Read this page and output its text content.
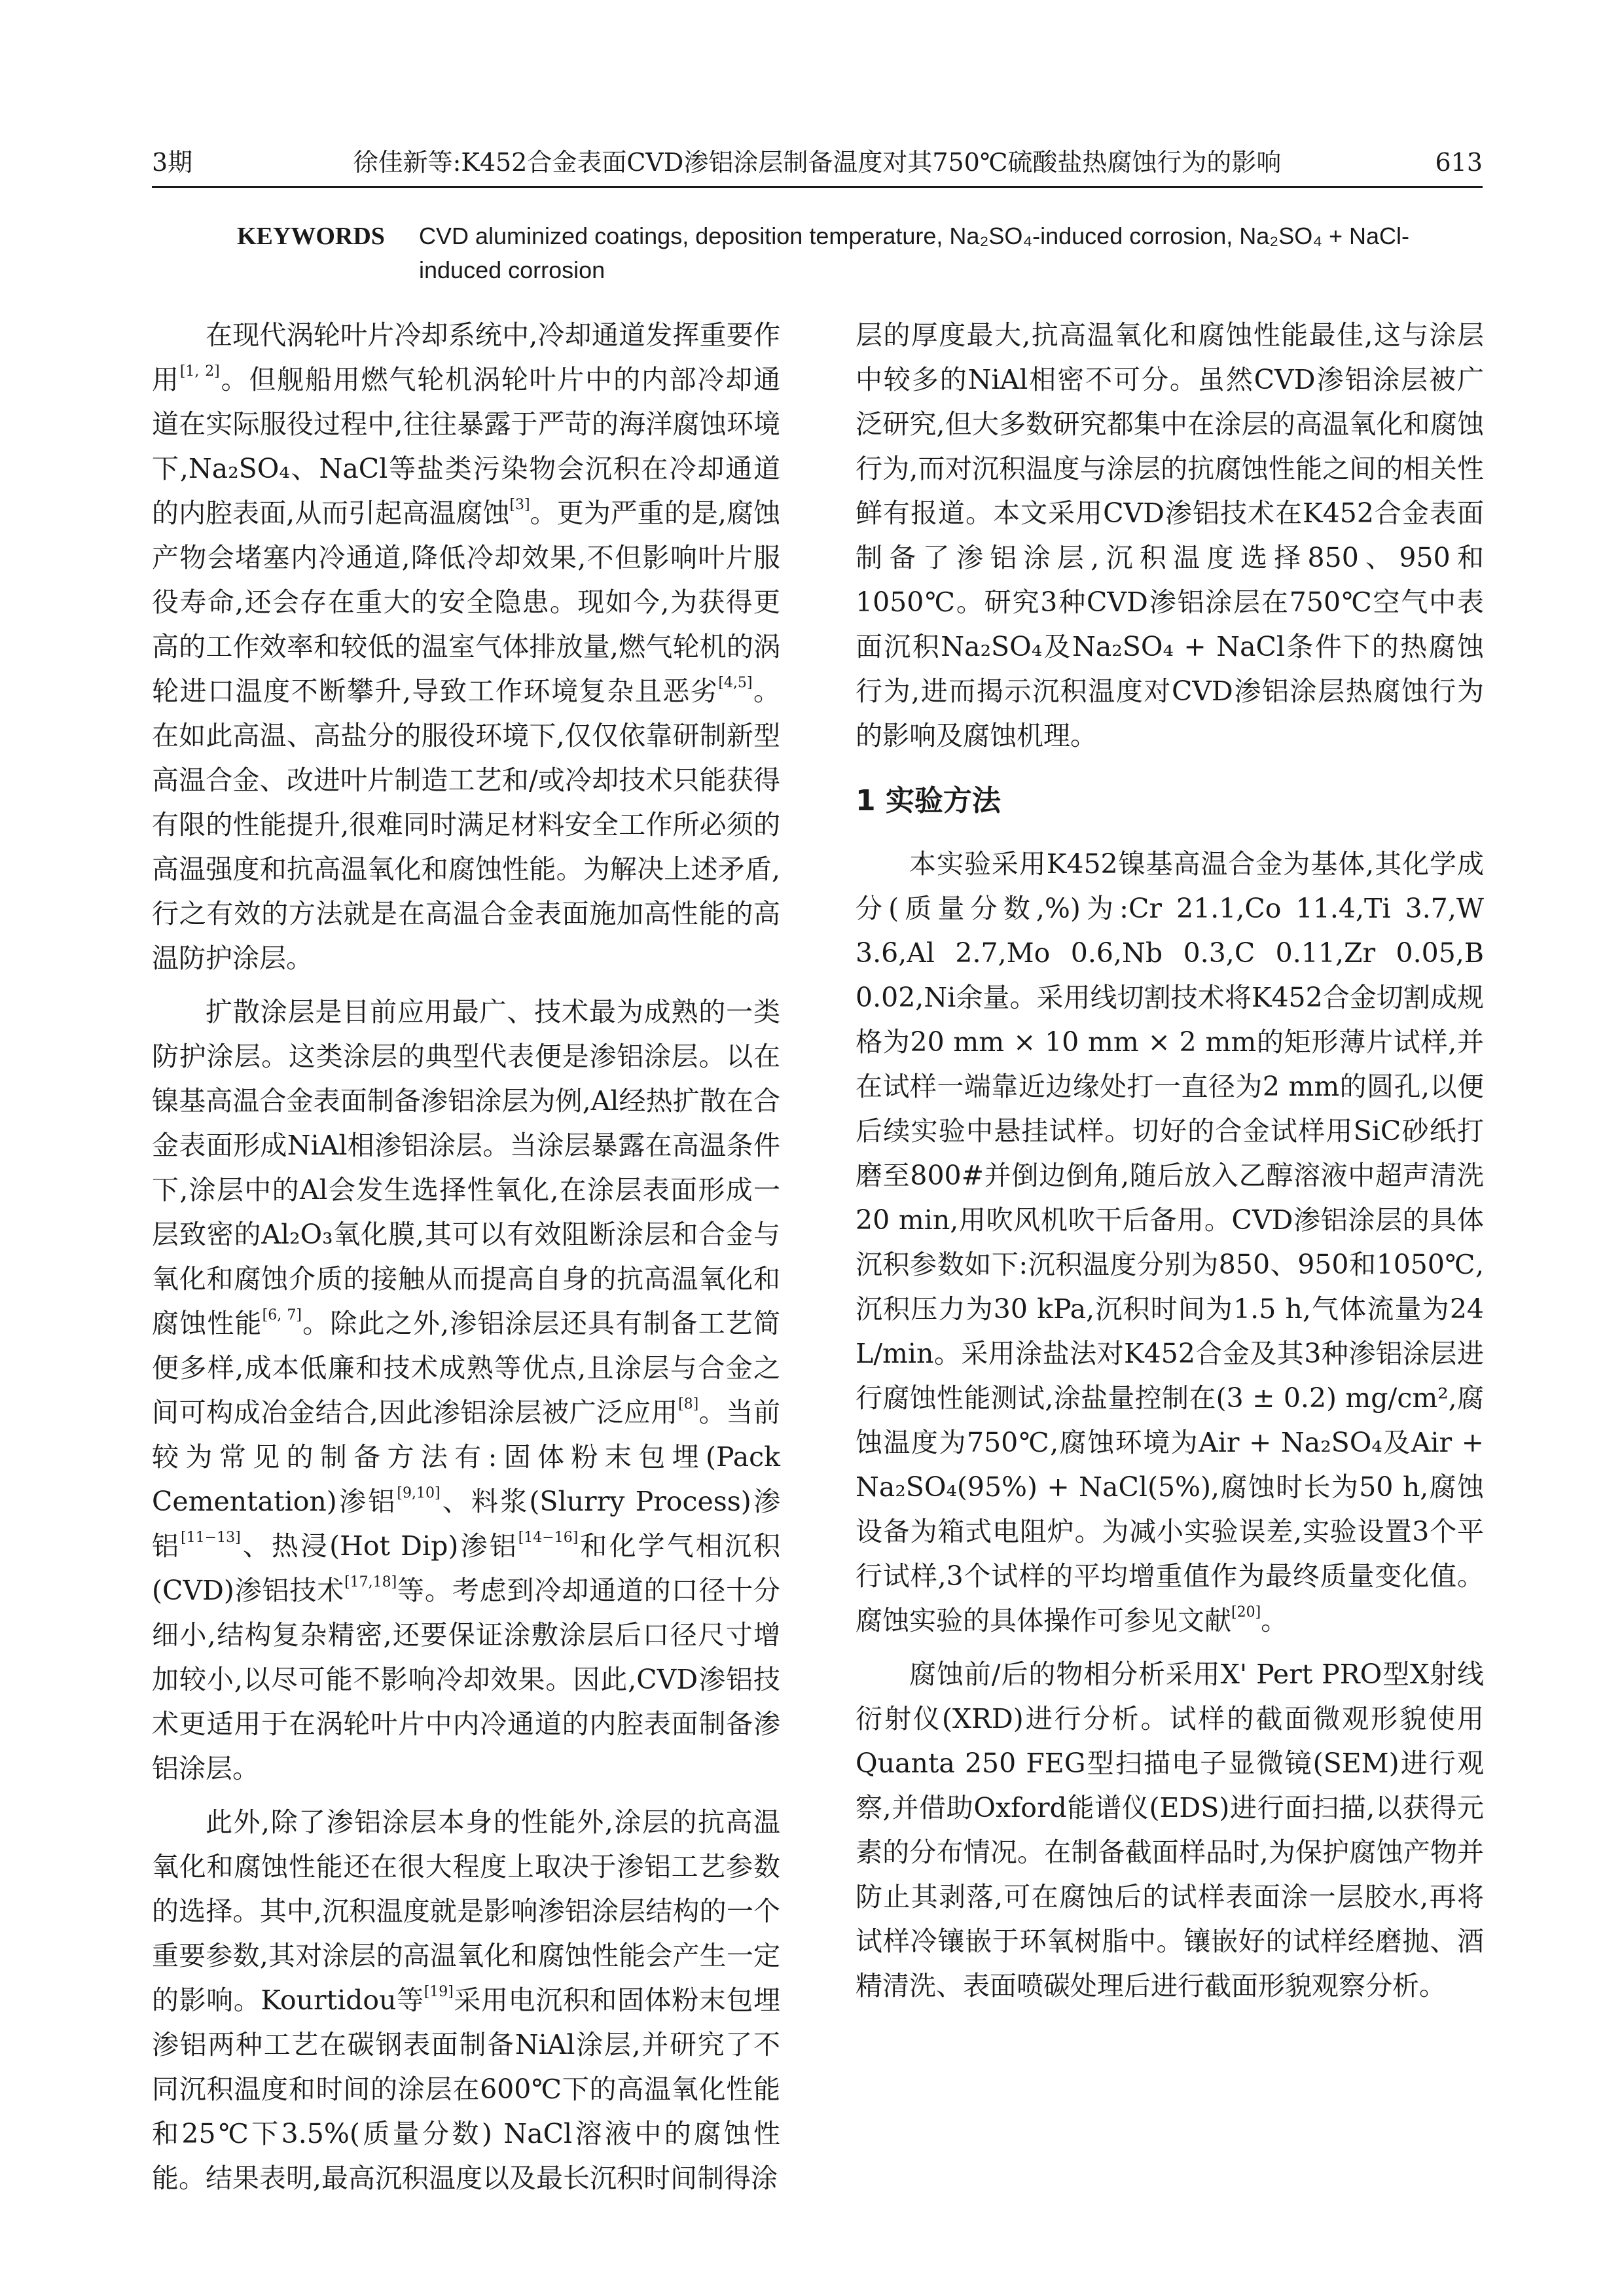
3期	徐佳新等:K452合金表面CVD渗铝涂层制备温度对其750℃硫酸盐热腐蚀行为的影响	613
KEYWORDS CVD aluminized coatings, deposition temperature, Na₂SO₄-induced corrosion, Na₂SO₄ + NaCl-induced corrosion

在现代涡轮叶片冷却系统中,冷却通道发挥重要作用[1, 2]。但舰船用燃气轮机涡轮叶片中的内部冷却通道在实际服役过程中,往往暴露于严苛的海洋腐蚀环境下,Na₂SO₄、NaCl等盐类污染物会沉积在冷却通道的内腔表面,从而引起高温腐蚀[3]。更为严重的是,腐蚀产物会堵塞内冷通道,降低冷却效果,不但影响叶片服役寿命,还会存在重大的安全隐患。现如今,为获得更高的工作效率和较低的温室气体排放量,燃气轮机的涡轮进口温度不断攀升,导致工作环境复杂且恶劣[4,5]。在如此高温、高盐分的服役环境下,仅仅依靠研制新型高温合金、改进叶片制造工艺和/或冷却技术只能获得有限的性能提升,很难同时满足材料安全工作所必须的高温强度和抗高温氧化和腐蚀性能。为解决上述矛盾,行之有效的方法就是在高温合金表面施加高性能的高温防护涂层。

扩散涂层是目前应用最广、技术最为成熟的一类防护涂层。这类涂层的典型代表便是渗铝涂层。以在镍基高温合金表面制备渗铝涂层为例,Al经热扩散在合金表面形成NiAl相渗铝涂层。当涂层暴露在高温条件下,涂层中的Al会发生选择性氧化,在涂层表面形成一层致密的Al₂O₃氧化膜,其可以有效阻断涂层和合金与氧化和腐蚀介质的接触从而提高自身的抗高温氧化和腐蚀性能[6, 7]。除此之外,渗铝涂层还具有制备工艺简便多样,成本低廉和技术成熟等优点,且涂层与合金之间可构成冶金结合,因此渗铝涂层被广泛应用[8]。当前较为常见的制备方法有:固体粉末包埋(Pack Cementation)渗铝[9,10]、料浆(Slurry Process)渗铝[11−13]、热浸(Hot Dip)渗铝[14−16]和化学气相沉积(CVD)渗铝技术[17,18]等。考虑到冷却通道的口径十分细小,结构复杂精密,还要保证涂敷涂层后口径尺寸增加较小,以尽可能不影响冷却效果。因此,CVD渗铝技术更适用于在涡轮叶片中内冷通道的内腔表面制备渗铝涂层。

此外,除了渗铝涂层本身的性能外,涂层的抗高温氧化和腐蚀性能还在很大程度上取决于渗铝工艺参数的选择。其中,沉积温度就是影响渗铝涂层结构的一个重要参数,其对涂层的高温氧化和腐蚀性能会产生一定的影响。Kourtidou等[19]采用电沉积和固体粉末包埋渗铝两种工艺在碳钢表面制备NiAl涂层,并研究了不同沉积温度和时间的涂层在600℃下的高温氧化性能和25℃下3.5%(质量分数) NaCl溶液中的腐蚀性能。结果表明,最高沉积温度以及最长沉积时间制得涂

层的厚度最大,抗高温氧化和腐蚀性能最佳,这与涂层中较多的NiAl相密不可分。虽然CVD渗铝涂层被广泛研究,但大多数研究都集中在涂层的高温氧化和腐蚀行为,而对沉积温度与涂层的抗腐蚀性能之间的相关性鲜有报道。本文采用CVD渗铝技术在K452合金表面制备了渗铝涂层,沉积温度选择850、950和1050℃。研究3种CVD渗铝涂层在750℃空气中表面沉积Na₂SO₄及Na₂SO₄ + NaCl条件下的热腐蚀行为,进而揭示沉积温度对CVD渗铝涂层热腐蚀行为的影响及腐蚀机理。

1 实验方法

本实验采用K452镍基高温合金为基体,其化学成分(质量分数,%)为:Cr 21.1,Co 11.4,Ti 3.7,W 3.6,Al 2.7,Mo 0.6,Nb 0.3,C 0.11,Zr 0.05,B 0.02,Ni余量。采用线切割技术将K452合金切割成规格为20 mm × 10 mm × 2 mm的矩形薄片试样,并在试样一端靠近边缘处打一直径为2 mm的圆孔,以便后续实验中悬挂试样。切好的合金试样用SiC砂纸打磨至800#并倒边倒角,随后放入乙醇溶液中超声清洗20 min,用吹风机吹干后备用。CVD渗铝涂层的具体沉积参数如下:沉积温度分别为850、950和1050℃,沉积压力为30 kPa,沉积时间为1.5 h,气体流量为24 L/min。采用涂盐法对K452合金及其3种渗铝涂层进行腐蚀性能测试,涂盐量控制在(3 ± 0.2) mg/cm²,腐蚀温度为750℃,腐蚀环境为Air + Na₂SO₄及Air + Na₂SO₄(95%) + NaCl(5%),腐蚀时长为50 h,腐蚀设备为箱式电阻炉。为减小实验误差,实验设置3个平行试样,3个试样的平均增重值作为最终质量变化值。腐蚀实验的具体操作可参见文献[20]。

腐蚀前/后的物相分析采用X' Pert PRO型X射线衍射仪(XRD)进行分析。试样的截面微观形貌使用Quanta 250 FEG型扫描电子显微镜(SEM)进行观察,并借助Oxford能谱仪(EDS)进行面扫描,以获得元素的分布情况。在制备截面样品时,为保护腐蚀产物并防止其剥落,可在腐蚀后的试样表面涂一层胶水,再将试样冷镶嵌于环氧树脂中。镶嵌好的试样经磨抛、酒精清洗、表面喷碳处理后进行截面形貌观察分析。
